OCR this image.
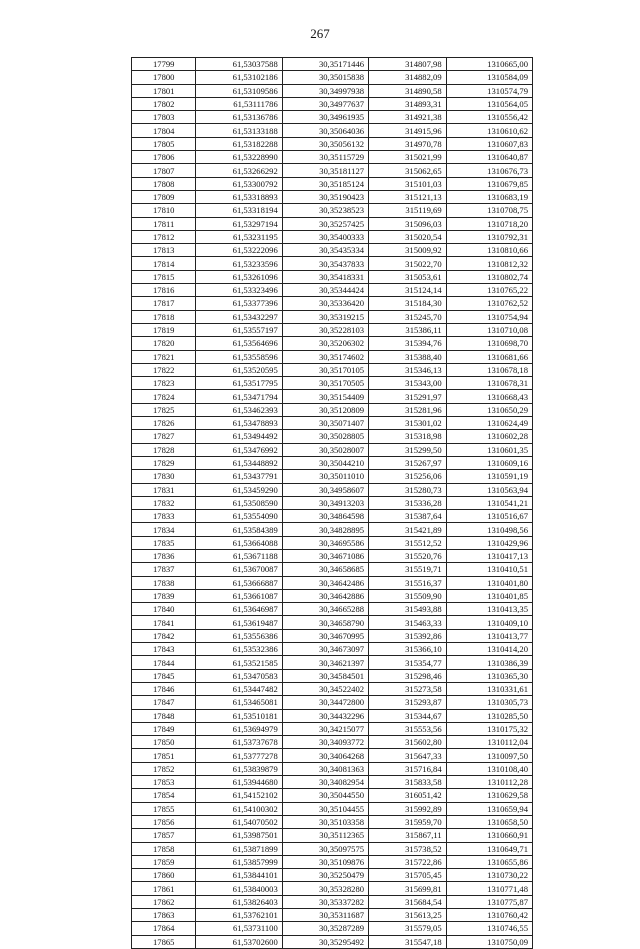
267
17799	61,53037588	30,35171446	314807,98	1310665,00
17800	61,53102186	30,35015838	314882,09	1310584,09
17801	61,53109586	30,34997938	314890,58	1310574,79
17802	61,53111786	30,34977637	314893,31	1310564,05
17803	61,53136786	30,34961935	314921,38	1310556,42
17804	61,53133188	30,35064036	314915,96	1310610,62
17805	61,53182288	30,35056132	314970,78	1310607,83
17806	61,53228990	30,35115729	315021,99	1310640,87
17807	61,53266292	30,35181127	315062,65	1310676,73
17808	61,53300792	30,35185124	315101,03	1310679,85
17809	61,53318893	30,35190423	315121,13	1310683,19
17810	61,53318194	30,35238523	315119,69	1310708,75
17811	61,53297194	30,35257425	315096,03	1310718,20
17812	61,53231195	30,35400333	315020,54	1310792,31
17813	61,53222096	30,35435334	315009,92	1310810,66
17814	61,53233596	30,35437833	315022,70	1310812,32
17815	61,53261096	30,35418331	315053,61	1310802,74
17816	61,53323496	30,35344424	315124,14	1310765,22
17817	61,53377396	30,35336420	315184,30	1310762,52
17818	61,53432297	30,35319215	315245,70	1310754,94
17819	61,53557197	30,35228103	315386,11	1310710,08
17820	61,53564696	30,35206302	315394,76	1310698,70
17821	61,53558596	30,35174602	315388,40	1310681,66
17822	61,53520595	30,35170105	315346,13	1310678,18
17823	61,53517795	30,35170505	315343,00	1310678,31
17824	61,53471794	30,35154409	315291,97	1310668,43
17825	61,53462393	30,35120809	315281,96	1310650,29
17826	61,53478893	30,35071407	315301,02	1310624,49
17827	61,53494492	30,35028805	315318,98	1310602,28
17828	61,53476992	30,35028007	315299,50	1310601,35
17829	61,53448892	30,35044210	315267,97	1310609,16
17830	61,53437791	30,35011010	315256,06	1310591,19
17831	61,53459290	30,34958607	315280,73	1310563,94
17832	61,53508590	30,34913203	315336,28	1310541,21
17833	61,53554090	30,34864598	315387,64	1310516,67
17834	61,53584389	30,34828895	315421,89	1310498,56
17835	61,53664088	30,34695586	315512,52	1310429,96
17836	61,53671188	30,34671086	315520,76	1310417,13
17837	61,53670087	30,34658685	315519,71	1310410,51
17838	61,53666887	30,34642486	315516,37	1310401,80
17839	61,53661087	30,34642886	315509,90	1310401,85
17840	61,53646987	30,34665288	315493,88	1310413,35
17841	61,53619487	30,34658790	315463,33	1310409,10
17842	61,53556386	30,34670995	315392,86	1310413,77
17843	61,53532386	30,34673097	315366,10	1310414,20
17844	61,53521585	30,34621397	315354,77	1310386,39
17845	61,53470583	30,34584501	315298,46	1310365,30
17846	61,53447482	30,34522402	315273,58	1310331,61
17847	61,53465081	30,34472800	315293,87	1310305,73
17848	61,53510181	30,34432296	315344,67	1310285,50
17849	61,53694979	30,34215077	315553,56	1310175,32
17850	61,53737678	30,34093772	315602,80	1310112,04
17851	61,53777278	30,34064268	315647,33	1310097,50
17852	61,53839879	30,34081363	315716,84	1310108,40
17853	61,53944680	30,34082954	315833,58	1310112,28
17854	61,54152102	30,35044550	316051,42	1310629,58
17855	61,54100302	30,35104455	315992,89	1310659,94
17856	61,54070502	30,35103358	315959,70	1310658,50
17857	61,53987501	30,35112365	315867,11	1310660,91
17858	61,53871899	30,35097575	315738,52	1310649,71
17859	61,53857999	30,35109876	315722,86	1310655,86
17860	61,53844101	30,35250479	315705,45	1310730,22
17861	61,53840003	30,35328280	315699,81	1310771,48
17862	61,53826403	30,35337282	315684,54	1310775,87
17863	61,53762101	30,35311687	315613,25	1310760,42
17864	61,53731100	30,35287289	315579,05	1310746,55
17865	61,53702600	30,35295492	315547,18	1310750,09
